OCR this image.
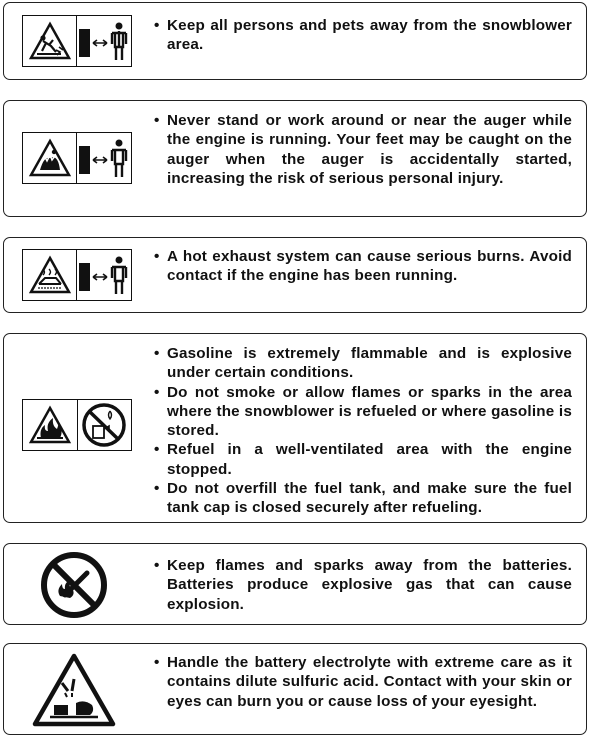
• Keep all persons and pets away from the snowblower area.
• Never stand or work around or near the auger while the engine is running. Your feet may be caught on the auger when the auger is accidentally started, increasing the risk of serious personal injury.
• A hot exhaust system can cause serious burns. Avoid contact if the engine has been running.
• Gasoline is extremely flammable and is explosive under certain conditions.
• Do not smoke or allow flames or sparks in the area where the snowblower is refueled or where gasoline is stored.
• Refuel in a well-ventilated area with the engine stopped.
• Do not overfill the fuel tank, and make sure the fuel tank cap is closed securely after refueling.
• Keep flames and sparks away from the batteries. Batteries produce explosive gas that can cause explosion.
• Handle the battery electrolyte with extreme care as it contains dilute sulfuric acid. Contact with your skin or eyes can burn you or cause loss of your eyesight.
